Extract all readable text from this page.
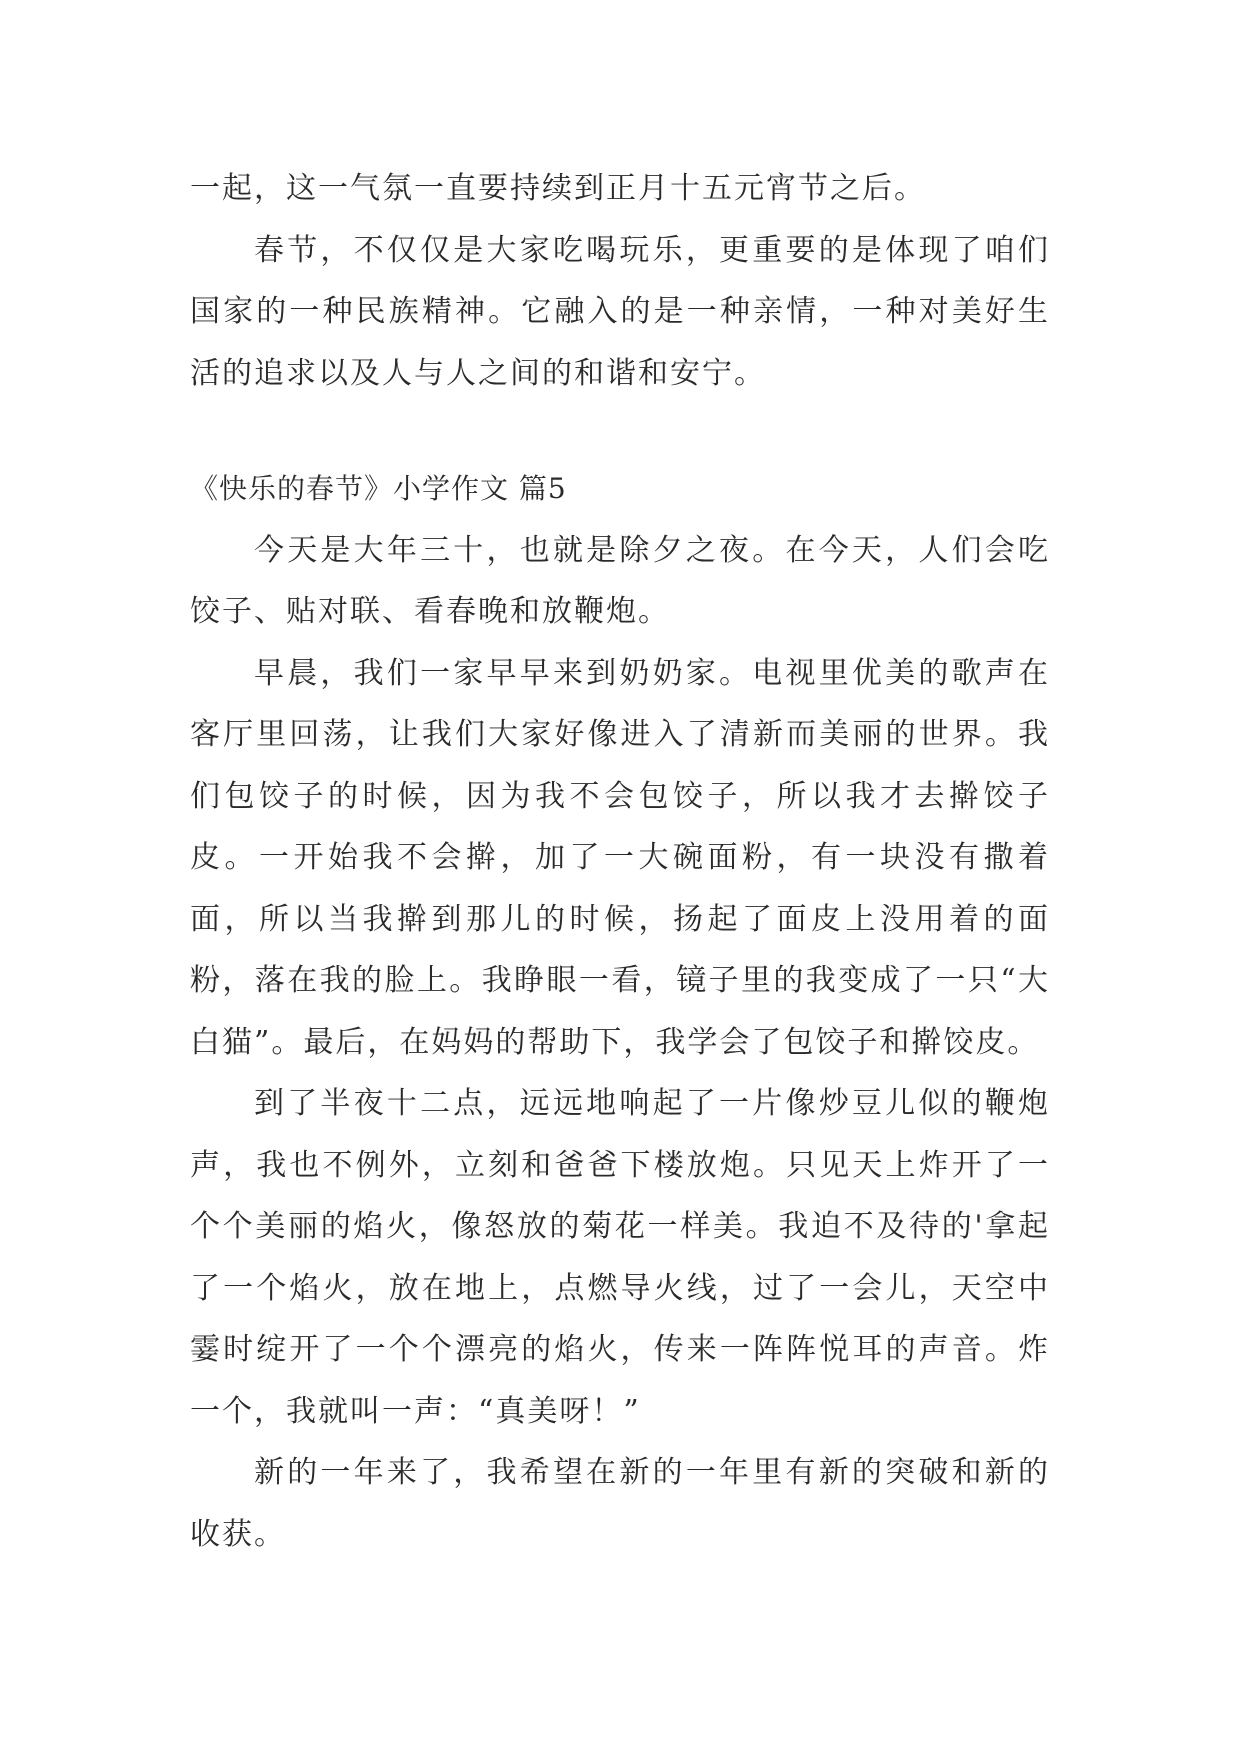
一起，这一气氛一直要持续到正月十五元宵节之后。

春节，不仅仅是大家吃喝玩乐，更重要的是体现了咱们国家的一种民族精神。它融入的是一种亲情，一种对美好生活的追求以及人与人之间的和谐和安宁。

《快乐的春节》小学作文 篇5

今天是大年三十，也就是除夕之夜。在今天，人们会吃饺子、贴对联、看春晚和放鞭炮。

早晨，我们一家早早来到奶奶家。电视里优美的歌声在客厅里回荡，让我们大家好像进入了清新而美丽的世界。我们包饺子的时候，因为我不会包饺子，所以我才去擀饺子皮。一开始我不会擀，加了一大碗面粉，有一块没有撒着面，所以当我擀到那儿的时候，扬起了面皮上没用着的面粉，落在我的脸上。我睁眼一看，镜子里的我变成了一只“大白猫”。最后，在妈妈的帮助下，我学会了包饺子和擀饺皮。

到了半夜十二点，远远地响起了一片像炒豆儿似的鞭炮声，我也不例外，立刻和爸爸下楼放炮。只见天上炸开了一个个美丽的焰火，像怒放的菊花一样美。我迫不及待的'拿起了一个焰火，放在地上，点燃导火线，过了一会儿，天空中霎时绽开了一个个漂亮的焰火，传来一阵阵悦耳的声音。炸一个，我就叫一声：“真美呀！”

新的一年来了，我希望在新的一年里有新的突破和新的收获。
